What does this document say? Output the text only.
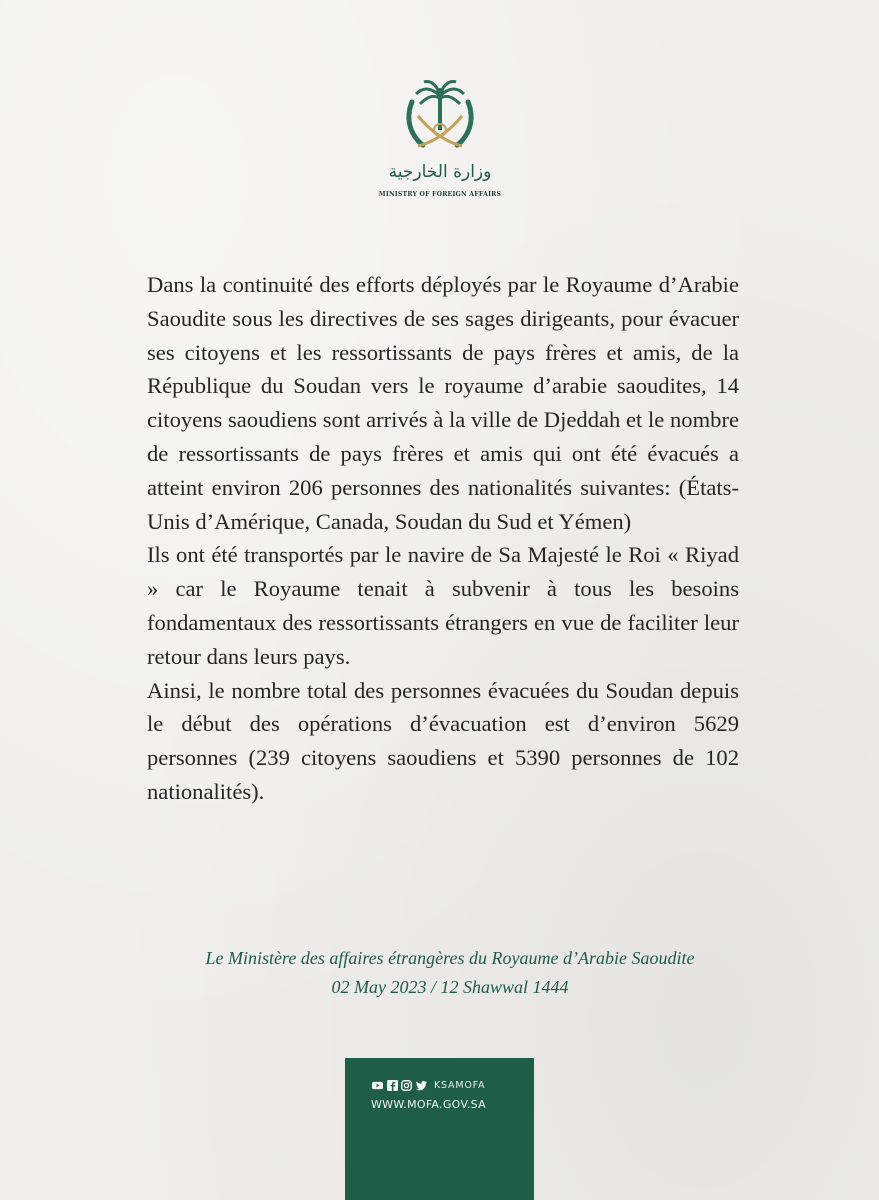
وزارة الخارجية
MINISTRY OF FOREIGN AFFAIRS

Dans la continuité des efforts déployés par le Royaume d’Arabie Saoudite sous les directives de ses sages dirigeants, pour évacuer ses citoyens et les ressortissants de pays frères et amis, de la République du Soudan vers le royaume d’arabie saoudites, 14 citoyens saoudiens sont arrivés à la ville de Djeddah et le nombre de ressortissants de pays frères et amis qui ont été évacués a atteint environ 206 personnes des nationalités suivantes: (États-Unis d’Amérique, Canada, Soudan du Sud et Yémen)

Ils ont été transportés par le navire de Sa Majesté le Roi « Riyad » car le Royaume tenait à subvenir à tous les besoins fondamentaux des ressortissants étrangers en vue de faciliter leur retour dans leurs pays.

Ainsi, le nombre total des personnes évacuées du Soudan depuis le début des opérations d’évacuation est d’environ 5629 personnes (239 citoyens saoudiens et 5390 personnes de 102 nationalités).

Le Ministère des affaires étrangères du Royaume d’Arabie Saoudite
02 May 2023 / 12 Shawwal 1444
KSAMOFA
WWW.MOFA.GOV.SA
